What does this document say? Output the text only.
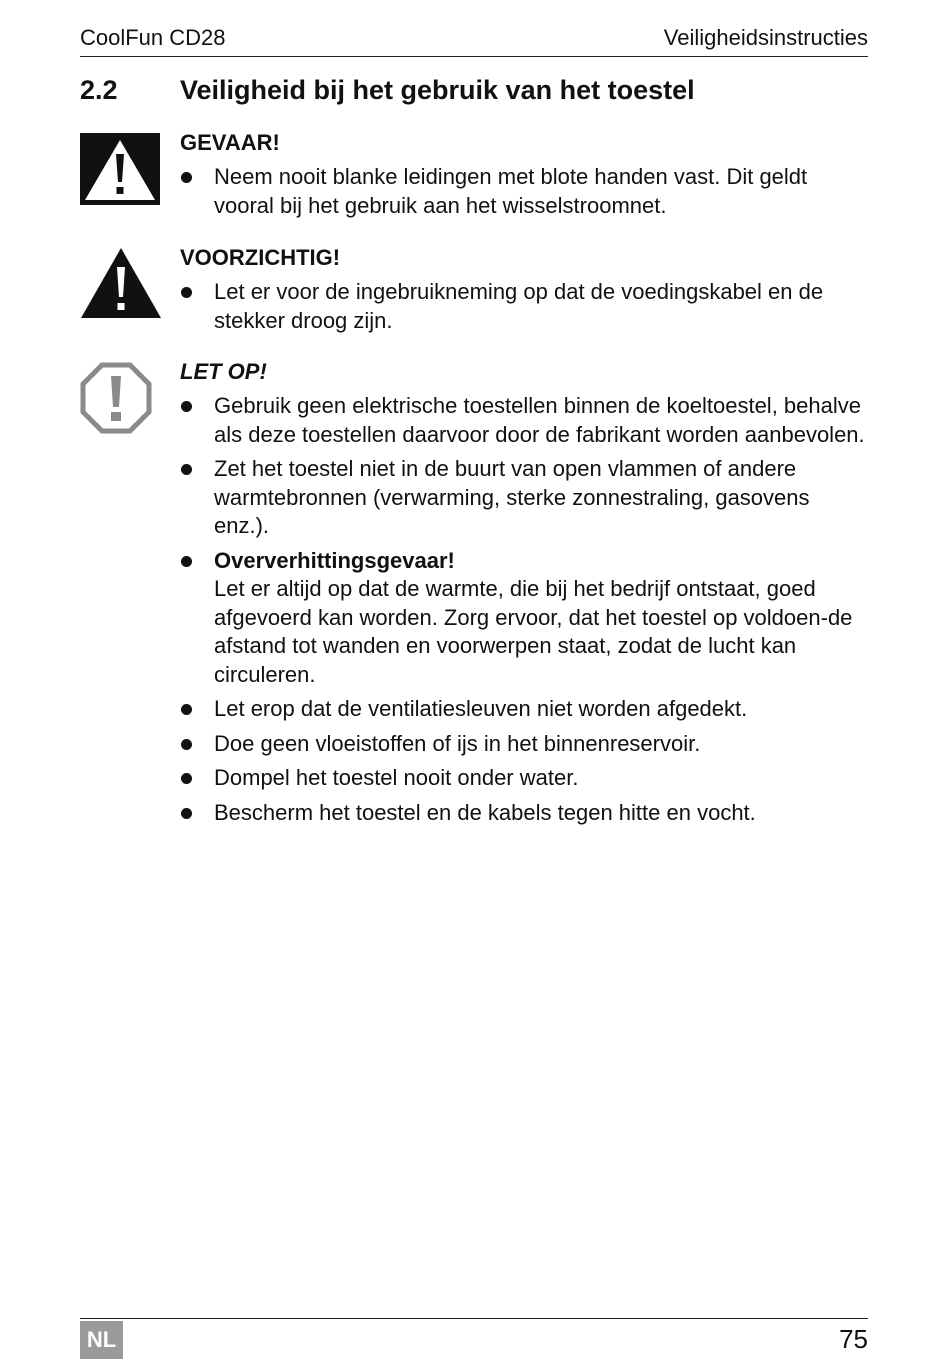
CoolFun CD28	Veiligheidsinstructies
2.2 Veiligheid bij het gebruik van het toestel
GEVAAR!
Neem nooit blanke leidingen met blote handen vast. Dit geldt vooral bij het gebruik aan het wisselstroomnet.
VOORZICHTIG!
Let er voor de ingebruikneming op dat de voedingskabel en de stekker droog zijn.
LET OP!
Gebruik geen elektrische toestellen binnen de koeltoestel, behalve als deze toestellen daarvoor door de fabrikant worden aanbevolen.
Zet het toestel niet in de buurt van open vlammen of andere warmtebronnen (verwarming, sterke zonnestraling, gasovens enz.).
Oververhittingsgevaar!
Let er altijd op dat de warmte, die bij het bedrijf ontstaat, goed afgevoerd kan worden. Zorg ervoor, dat het toestel op voldoen-de afstand tot wanden en voorwerpen staat, zodat de lucht kan circuleren.
Let erop dat de ventilatiesleuven niet worden afgedekt.
Doe geen vloeistoffen of ijs in het binnenreservoir.
Dompel het toestel nooit onder water.
Bescherm het toestel en de kabels tegen hitte en vocht.
NL	75
